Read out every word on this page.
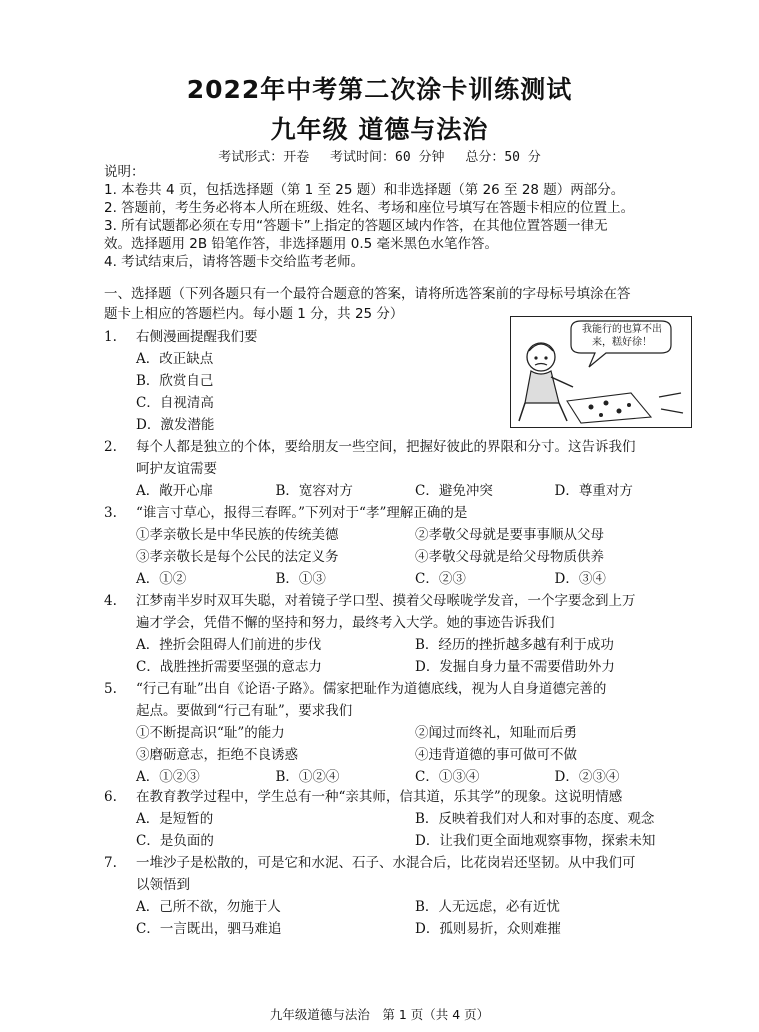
2022年中考第二次涂卡训练测试
九年级 道德与法治
考试形式：开卷　 考试时间：60 分钟　 总分：50 分
说明：
1. 本卷共 4 页，包括选择题（第 1 至 25 题）和非选择题（第 26 至 28 题）两部分。
2. 答题前，考生务必将本人所在班级、姓名、考场和座位号填写在答题卡相应的位置上。
3. 所有试题都必须在专用“答题卡”上指定的答题区域内作答，在其他位置答题一律无
效。选择题用 2B 铅笔作答，非选择题用 0.5 毫米黑色水笔作答。
4. 考试结束后，请将答题卡交给监考老师。
一、选择题（下列各题只有一个最符合题意的答案，请将所选答案前的字母标号填涂在答
题卡上相应的答题栏内。每小题 1 分，共 25 分）
我能行的也算不出来，糕好徐！
1.	右侧漫画提醒我们要
A．改正缺点
B．欣赏自己
C．自视清高
D．激发潜能
2.	每个人都是独立的个体，要给朋友一些空间，把握好彼此的界限和分寸。这告诉我们
呵护友谊需要
A．敞开心扉	B．宽容对方	C．避免冲突	D．尊重对方
3.	“谁言寸草心，报得三春晖。”下列对于“孝”理解正确的是
①孝亲敬长是中华民族的传统美德	②孝敬父母就是要事事顺从父母
③孝亲敬长是每个公民的法定义务	④孝敬父母就是给父母物质供养
A．①②	B．①③	C．②③	D．③④
4.	江梦南半岁时双耳失聪，对着镜子学口型、摸着父母喉咙学发音，一个字要念到上万
遍才学会，凭借不懈的坚持和努力，最终考入大学。她的事迹告诉我们
A．挫折会阻碍人们前进的步伐	B．经历的挫折越多越有利于成功
C．战胜挫折需要坚强的意志力	D．发掘自身力量不需要借助外力
5.	“行己有耻”出自《论语·子路》。儒家把耻作为道德底线，视为人自身道德完善的
起点。要做到“行己有耻”，要求我们
①不断提高识“耻”的能力	②闻过而终礼，知耻而后勇
③磨砺意志，拒绝不良诱惑	④违背道德的事可做可不做
A．①②③	B．①②④	C．①③④	D．②③④
6.	在教育教学过程中，学生总有一种“亲其师，信其道，乐其学”的现象。这说明情感
A．是短暂的	B．反映着我们对人和对事的态度、观念
C．是负面的	D．让我们更全面地观察事物，探索未知
7.	一堆沙子是松散的，可是它和水泥、石子、水混合后，比花岗岩还坚韧。从中我们可
以领悟到
A．己所不欲，勿施于人	B．人无远虑，必有近忧
C．一言既出，驷马难追	D．孤则易折，众则难摧
九年级道德与法治　第 1 页（共 4 页）
